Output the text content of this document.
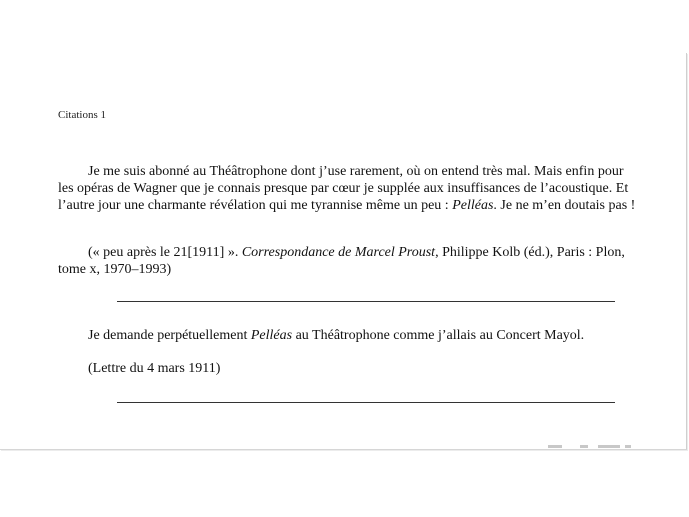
Citations 1

Je me suis abonné au Théâtrophone dont j’use rarement, où on entend très mal. Mais enfin pour les opéras de Wagner que je connais presque par cœur je supplée aux insuffisances de l’acoustique. Et l’autre jour une charmante révélation qui me tyrannise même un peu : Pelléas. Je ne m’en doutais pas !

(« peu après le 21[1911] ». Correspondance de Marcel Proust, Philippe Kolb (éd.), Paris : Plon, tome x, 1970–1993)

Je demande perpétuellement Pelléas au Théâtrophone comme j’allais au Concert Mayol.

(Lettre du 4 mars 1911)
